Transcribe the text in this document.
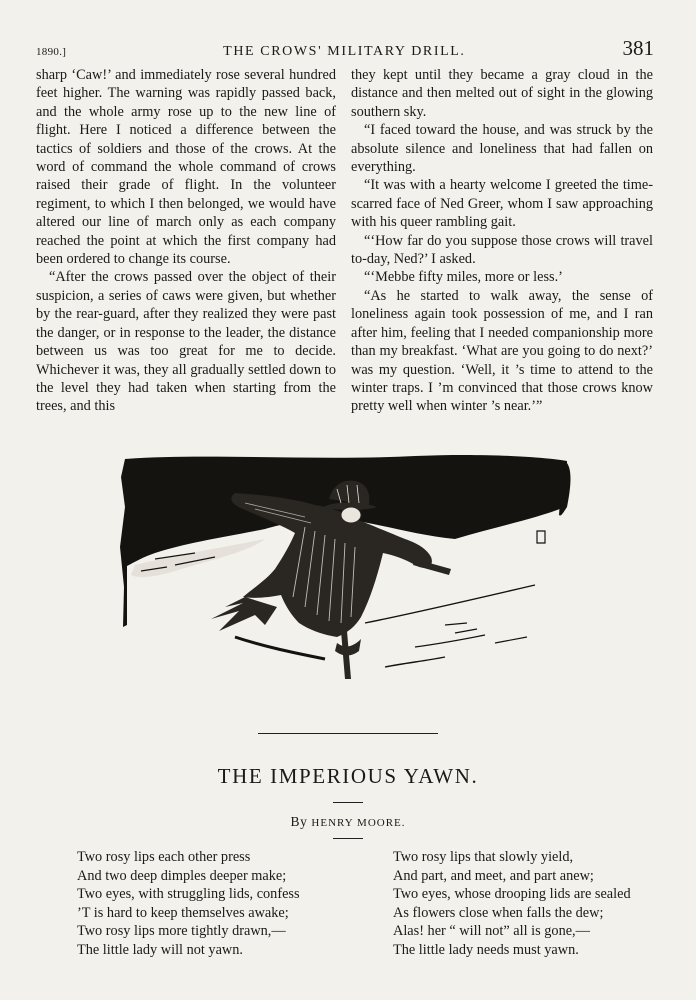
1890.]	THE CROWS' MILITARY DRILL.	381

sharp ‘Caw!’ and immediately rose several hundred feet higher. The warning was rapidly passed back, and the whole army rose up to the new line of flight. Here I noticed a difference between the tactics of soldiers and those of the crows. At the word of command the whole command of crows raised their grade of flight. In the volunteer regiment, to which I then belonged, we would have altered our line of march only as each company reached the point at which the first company had been ordered to change its course.

“After the crows passed over the object of their suspicion, a series of caws were given, but whether by the rear-guard, after they realized they were past the danger, or in response to the leader, the distance between us was too great for me to decide. Whichever it was, they all gradually settled down to the level they had taken when starting from the trees, and this

they kept until they became a gray cloud in the distance and then melted out of sight in the glowing southern sky.

“I faced toward the house, and was struck by the absolute silence and loneliness that had fallen on everything.

“It was with a hearty welcome I greeted the time-scarred face of Ned Greer, whom I saw approaching with his queer rambling gait.

“‘How far do you suppose those crows will travel to-day, Ned?’ I asked.

“‘Mebbe fifty miles, more or less.’

“As he started to walk away, the sense of loneliness again took possession of me, and I ran after him, feeling that I needed companionship more than my breakfast. ‘What are you going to do next?’ was my question. ‘Well, it ’s time to attend to the winter traps. I ’m convinced that those crows know pretty well when winter ’s near.’”

THE IMPERIOUS YAWN.
By HENRY MOORE.
Two rosy lips each other press
And two deep dimples deeper make;
Two eyes, with struggling lids, confess
’T is hard to keep themselves awake;
Two rosy lips more tightly drawn,—
The little lady will not yawn.
Two rosy lips that slowly yield,
And part, and meet, and part anew;
Two eyes, whose drooping lids are sealed
As flowers close when falls the dew;
Alas! her “ will not” all is gone,—
The little lady needs must yawn.
